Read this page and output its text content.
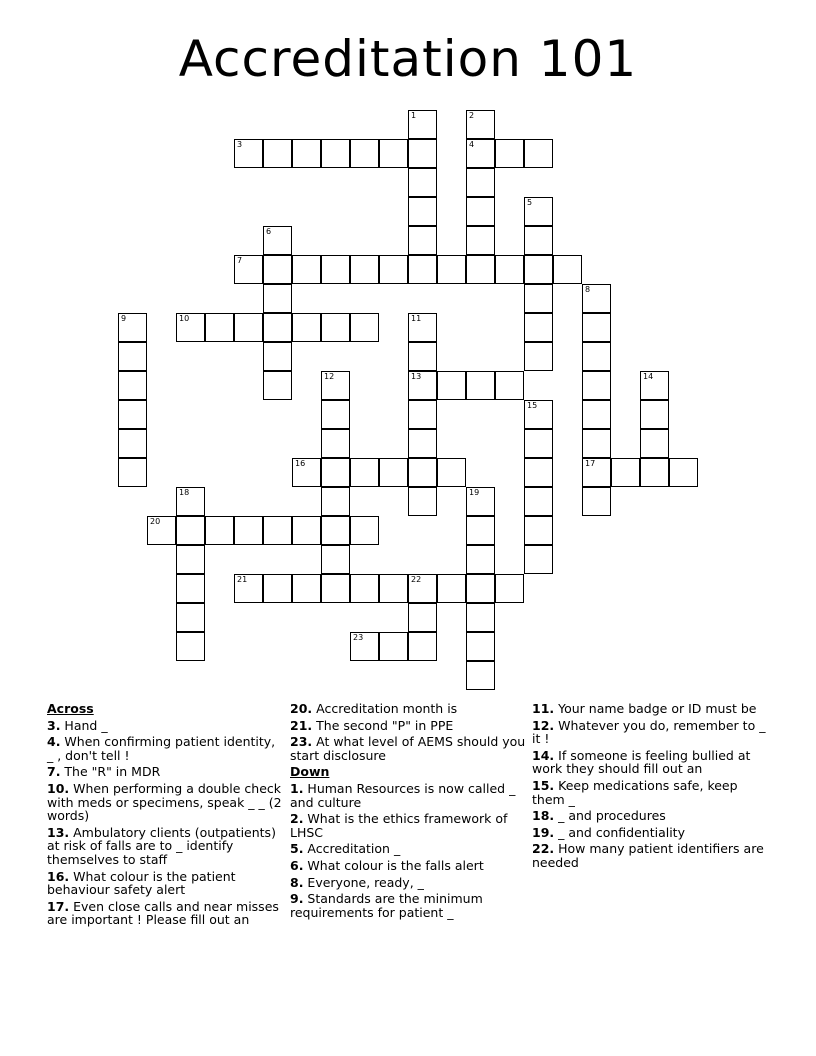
Accreditation 101
1	2
3	4
5
6
7
8
9	10	11
12	13	14
15
16	17
18	19
20
21	22
23
Across
3. Hand _
4. When confirming patient identity, _ , don't tell !
7. The "R" in MDR
10. When performing a double check with meds or specimens, speak _ _ (2 words)
13. Ambulatory clients (outpatients) at risk of falls are to _ identify themselves to staff
16. What colour is the patient behaviour safety alert
17. Even close calls and near misses are important ! Please fill out an
20. Accreditation month is
21. The second "P" in PPE
23. At what level of AEMS should you start disclosure
Down
1. Human Resources is now called _ and culture
2. What is the ethics framework of LHSC
5. Accreditation _
6. What colour is the falls alert
8. Everyone, ready, _
9. Standards are the minimum requirements for patient _
11. Your name badge or ID must be
12. Whatever you do, remember to _ it !
14. If someone is feeling bullied at work they should fill out an
15. Keep medications safe, keep them _
18. _ and procedures
19. _ and confidentiality
22. How many patient identifiers are needed
